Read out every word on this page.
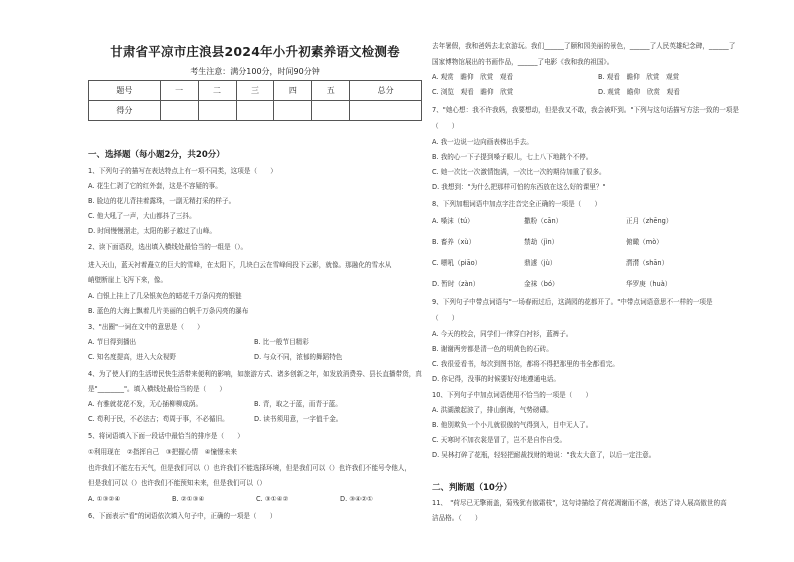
甘肃省平凉市庄浪县2024年小升初素养语文检测卷
考生注意：满分100分，时间90分钟
题号	一	二	三	四	五	总分
得分						
一、选择题（每小题2分，共20分）
1、下列句子的描写在表达特点上有一项不同类，这项是（　　）
A. 花生仁剥了它的红外套，这是不容疑的事。
B. 脸边的花儿背挂着露珠，一副无精打采的样子。
C. 他大吼了一声，大山都抖了三抖。
D. 时间慢慢溜走，太阳的影子越过了山峰。
2、读下面语段，选出填入横线处最恰当的一组是（）。
进入天山，蓝天衬着矗立的巨大的雪峰，在太阳下，几块白云在雪峰间投下云影，就像。那融化的雪水从
峭壁断崖上飞泻下来，像。
A. 白银上挂上了几朵银灰色的暗花千万条闪亮的银链
B. 蓝色的大海上飘着几片美丽的白帆千万条闪亮的瀑布
3、"出圈"一词在文中的意思是（　　）
A. 节目得到播出	B. 比一般节目精彩
C. 知名度提高，进入大众视野	D. 与众不同，浓郁的舞蹈特色
4、为了使人们的生活增民快生活带来便利的影响，如旅游方式、诸多创新之年，如发放消费券、县长直播带货，真
是"________"。填入横线处最恰当的是（　　）
A. 有雅就花花不发，无心插柳柳成荫。	B. 青，取之于蓝，而青于蓝。
C. 苟利于民，不必法古；苟周于事，不必循旧。	D. 读书须用意，一字值千金。
5、将词语填入下面一段话中最恰当的排序是（　　）
①利用现在　②指挥自己　③把握心情　④憧憬未来
也许我们不能左右天气，但是我们可以（）也许我们不能选择环境，但是我们可以（）也许我们不能号令他人，
但是我们可以（）也许我们不能预知未来，但是我们可以（）
A. ①③②④	B. ②①③④	C. ③①④②	D. ③④②①
6、下面表示"看"的词语依次填入句子中，正确的一项是（　　）
去年暑假，我和爸妈去北京游玩。我们______了颐和园美丽的景色，______了人民英雄纪念碑，______了
国家博物馆展出的书画作品，______了电影《我和我的祖国》。
A. 观赏　瞻仰　欣赏　观看	B. 观看　瞻仰　欣赏　观赏
C. 浏览　观看　瞻仰　欣赏	D. 观赏　瞻仰　欣赏　观看
7、"她心想：我不许我妈，我要想动，但是我又不敢，我会被吓到。"下列与这句话描写方法一致的一项是
（　　）
A. 我一边说一边向画表梯出手去。
B. 我的心一下子提到嗓子眼儿，七上八下地跳个不停。
C. 她一次比一次激情饱满，一次比一次的期待加重了很多。
D. 我想到："为什么把那样可怕的东西放在这么好的课里？"
8、下列加粗词语中加点字注音完全正确的一项是（　　）
A. 嗓沫（tú）	撒粉（cān）	正月（zhēng）
B. 畜养（xù）	禁劫（jìn）	俯瞰（mò）
C. 嘌吼（piāo）	鼎遽（jù）	潸潸（shān）
D. 暂时（zàn）	金袜（bó）	华罗庚（huà）
9、下列句子中带点词语与"一场春雨过后，这满园的花都开了。"中带点词语意思不一样的一项是
（　　）
A. 今天的校会，同学们一律穿白衬衫，蓝裤子。
B. 谢谢两旁都是清一色的明黄色的石砖。
C. 我很爱看书，每次到图书馆，都将不得把那里的书全都看完。
D. 你记得，没事的时候要好好地遵通电话。
10、下列句子中加点词语使用不恰当的一项是（　　）
A. 洪湖激起波了，排山倒海，气势磅礴。
B. 他别欺负一个小儿就很傲的气得到入，目中无人了。
C. 天寒时不加衣裳是冒了，岂不是自作自受。
D. 吴林打碎了花瓶，轻轻把耐裁找财的地说："我太大意了，以后一定注意。
二、判断题（10分）
11、　"荷尽已无擎雨盖，菊残犹有傲霜枝"，这句诗描绘了荷花凋谢而不落，表达了诗人展高傲世的高
洁品格。（　　）
